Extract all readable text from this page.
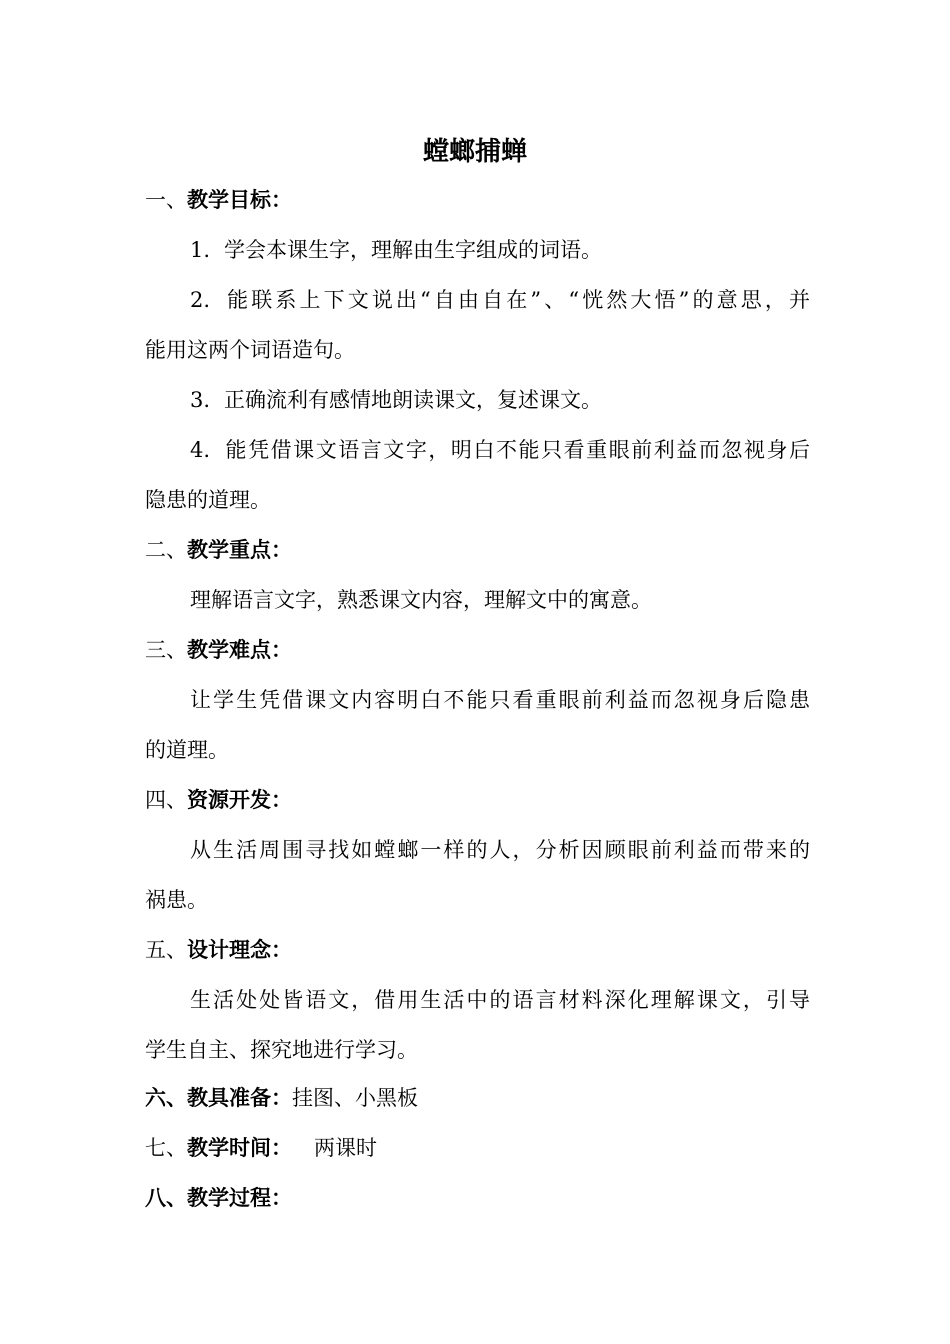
螳螂捕蝉
一、教学目标：
1. 学会本课生字，理解由生字组成的词语。
2. 能联系上下文说出“自由自在”、“恍然大悟”的意思，并
能用这两个词语造句。
3. 正确流利有感情地朗读课文，复述课文。
4. 能凭借课文语言文字，明白不能只看重眼前利益而忽视身后
隐患的道理。
二、教学重点：
理解语言文字，熟悉课文内容，理解文中的寓意。
三、教学难点：
让学生凭借课文内容明白不能只看重眼前利益而忽视身后隐患
的道理。
四、资源开发：
从生活周围寻找如螳螂一样的人，分析因顾眼前利益而带来的
祸患。
五、设计理念：
生活处处皆语文，借用生活中的语言材料深化理解课文，引导
学生自主、探究地进行学习。
六、教具准备：挂图、小黑板
七、教学时间： 两课时
八、教学过程：
